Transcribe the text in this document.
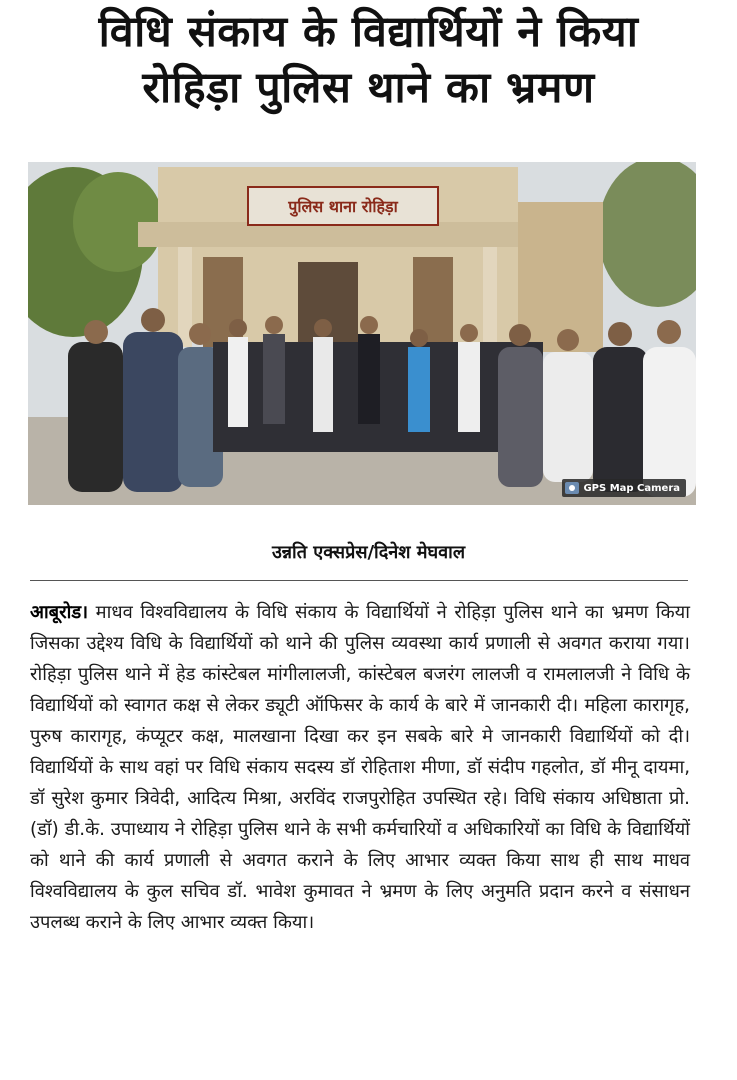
विधि संकाय के विद्यार्थियों ने किया
रोहिड़ा पुलिस थाने का भ्रमण
पुलिस थाना रोहिड़ा
GPS Map Camera
उन्नति एक्सप्रेस/दिनेश मेघवाल
आबूरोड। माधव विश्वविद्यालय के विधि संकाय के विद्यार्थियों ने रोहिड़ा पुलिस थाने का भ्रमण किया जिसका उद्देश्य विधि के विद्यार्थियों को थाने की पुलिस व्यवस्था कार्य प्रणाली से अवगत कराया गया। रोहिड़ा पुलिस थाने में हेड कांस्टेबल मांगीलालजी, कांस्टेबल बजरंग लालजी व रामलालजी ने विधि के विद्यार्थियों को स्वागत कक्ष से लेकर ड्यूटी ऑफिसर के कार्य के बारे में जानकारी दी। महिला कारागृह, पुरुष कारागृह, कंप्यूटर कक्ष, मालखाना दिखा कर इन सबके बारे मे जानकारी विद्यार्थियों को दी। विद्यार्थियों के साथ वहां पर विधि संकाय सदस्य डॉ रोहिताश मीणा, डॉ संदीप गहलोत, डॉ मीनू दायमा, डॉ सुरेश कुमार त्रिवेदी, आदित्य मिश्रा, अरविंद राजपुरोहित उपस्थित रहे। विधि संकाय अधिष्ठाता प्रो.(डॉ) डी.के. उपाध्याय ने रोहिड़ा पुलिस थाने के सभी कर्मचारियों व अधिकारियों का विधि के विद्यार्थियों को थाने की कार्य प्रणाली से अवगत कराने के लिए आभार व्यक्त किया साथ ही साथ माधव विश्वविद्यालय के कुल सचिव डॉ. भावेश कुमावत ने भ्रमण के लिए अनुमति प्रदान करने व संसाधन उपलब्ध कराने के लिए आभार व्यक्त किया।
